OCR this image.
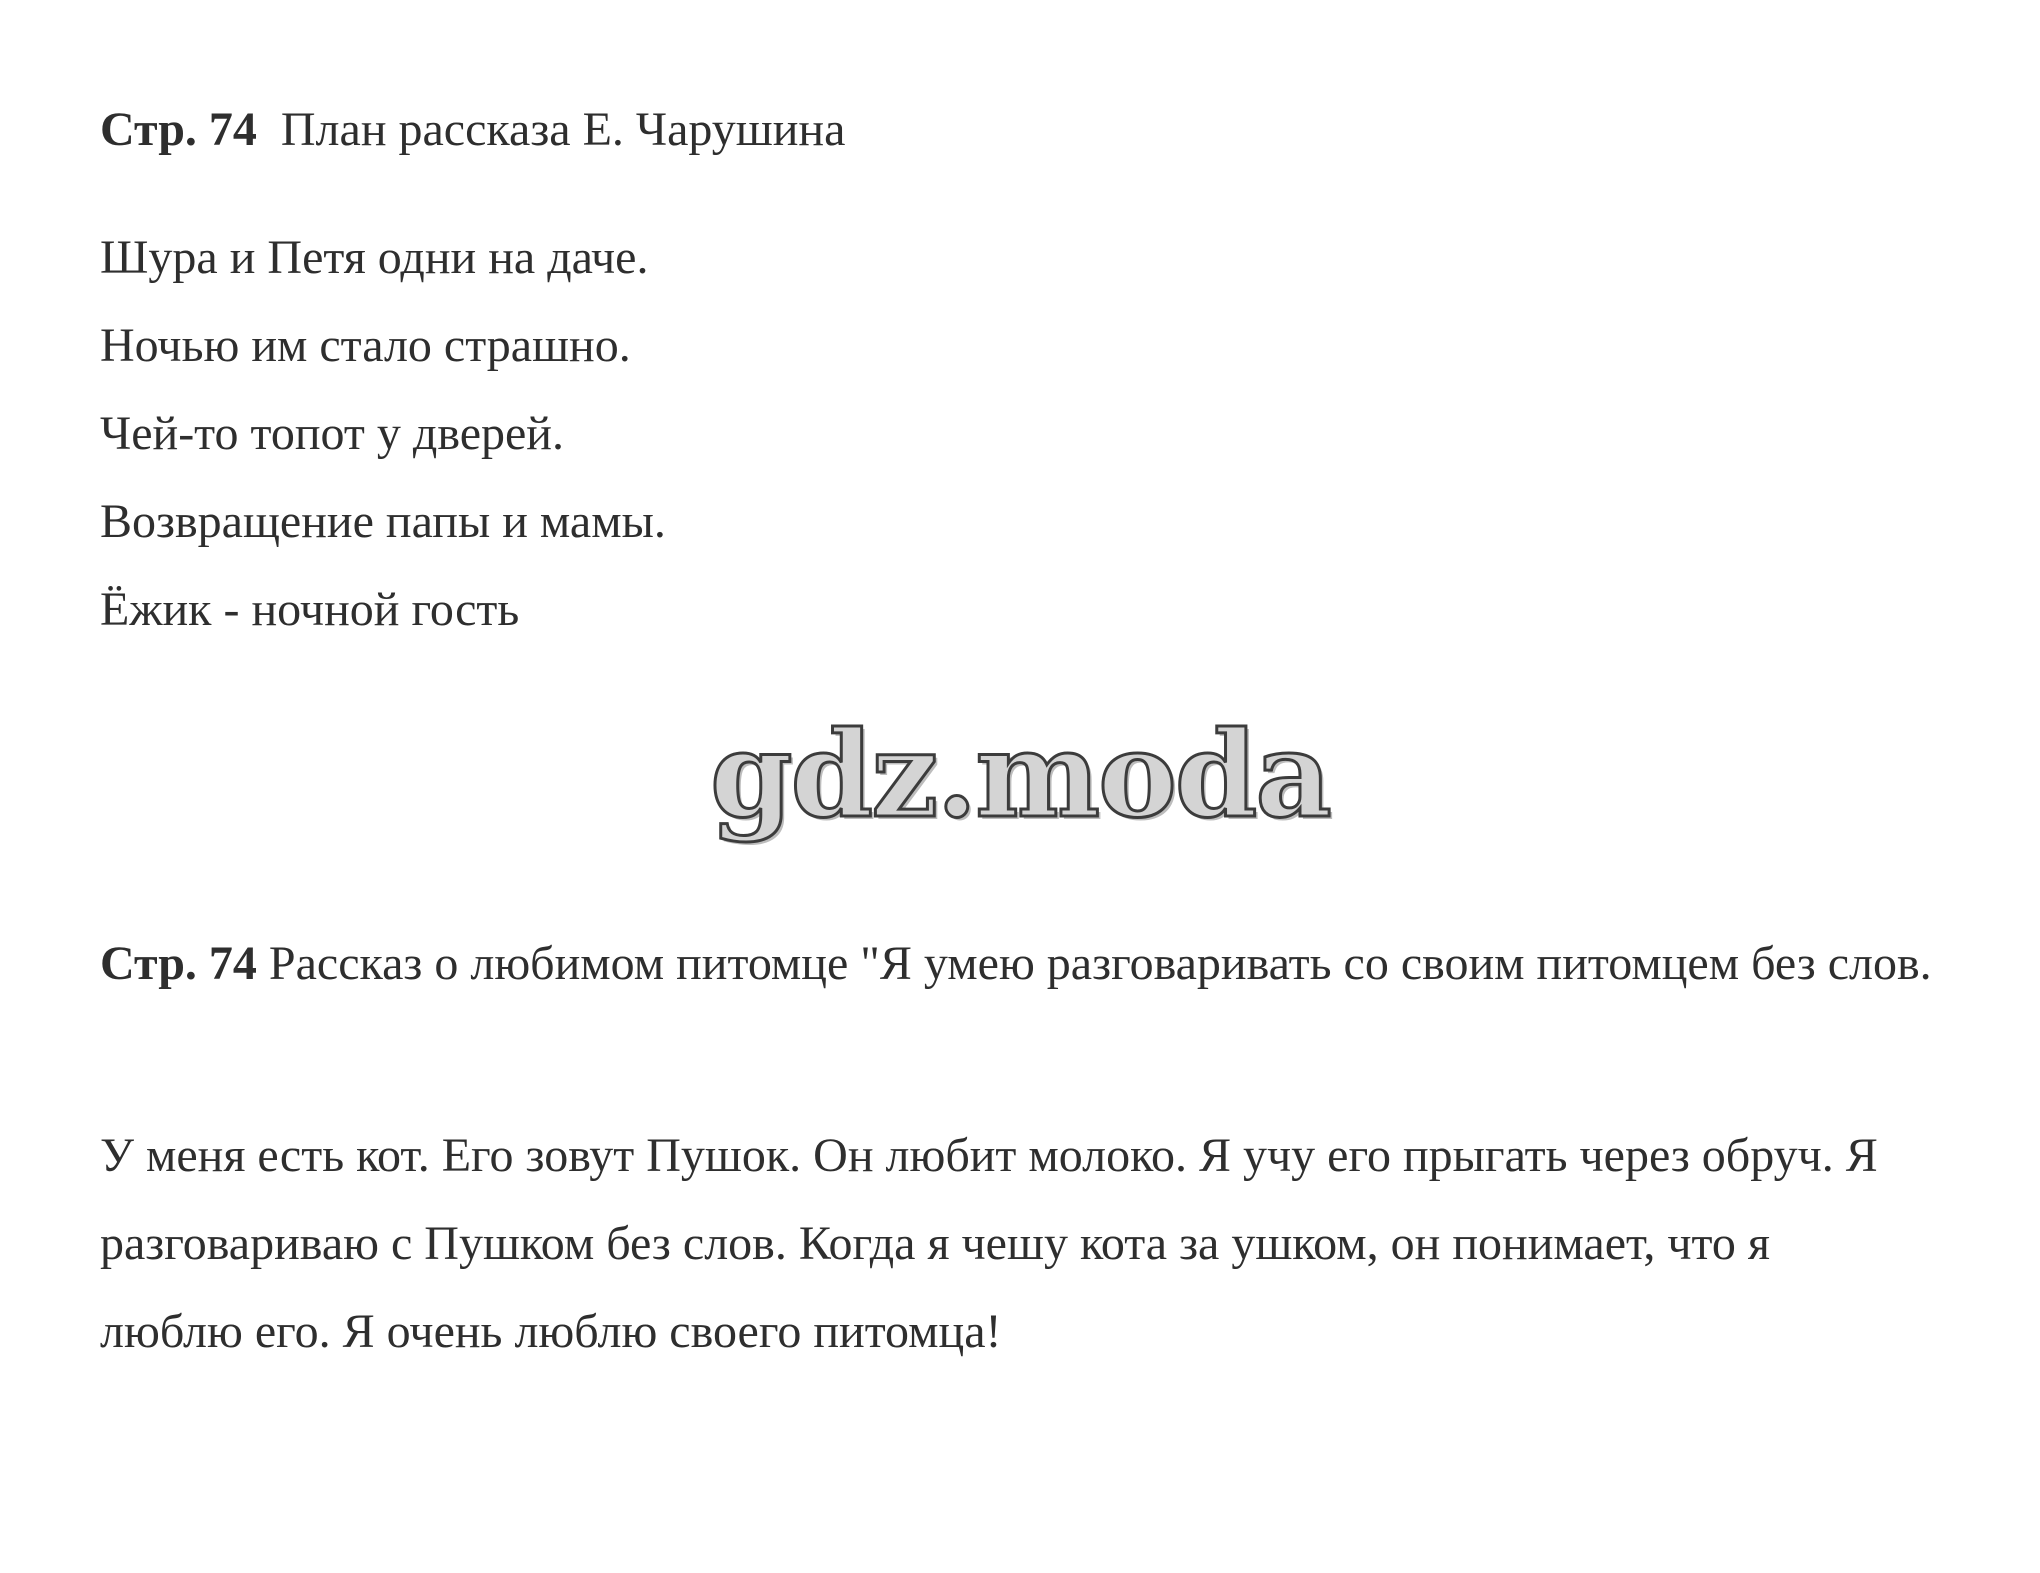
Стр. 74 План рассказа Е. Чарушина
Шура и Петя одни на даче.
Ночью им стало страшно.
Чей-то топот у дверей.
Возвращение папы и мамы.
Ёжик - ночной гость
gdz.moda
Стр. 74 Рассказ о любимом питомце "Я умею разговаривать со своим питомцем без слов.

У меня есть кот. Его зовут Пушок. Он любит молоко. Я учу его прыгать через обруч. Я разговариваю с Пушком без слов. Когда я чешу кота за ушком, он понимает, что я люблю его. Я очень люблю своего питомца!
